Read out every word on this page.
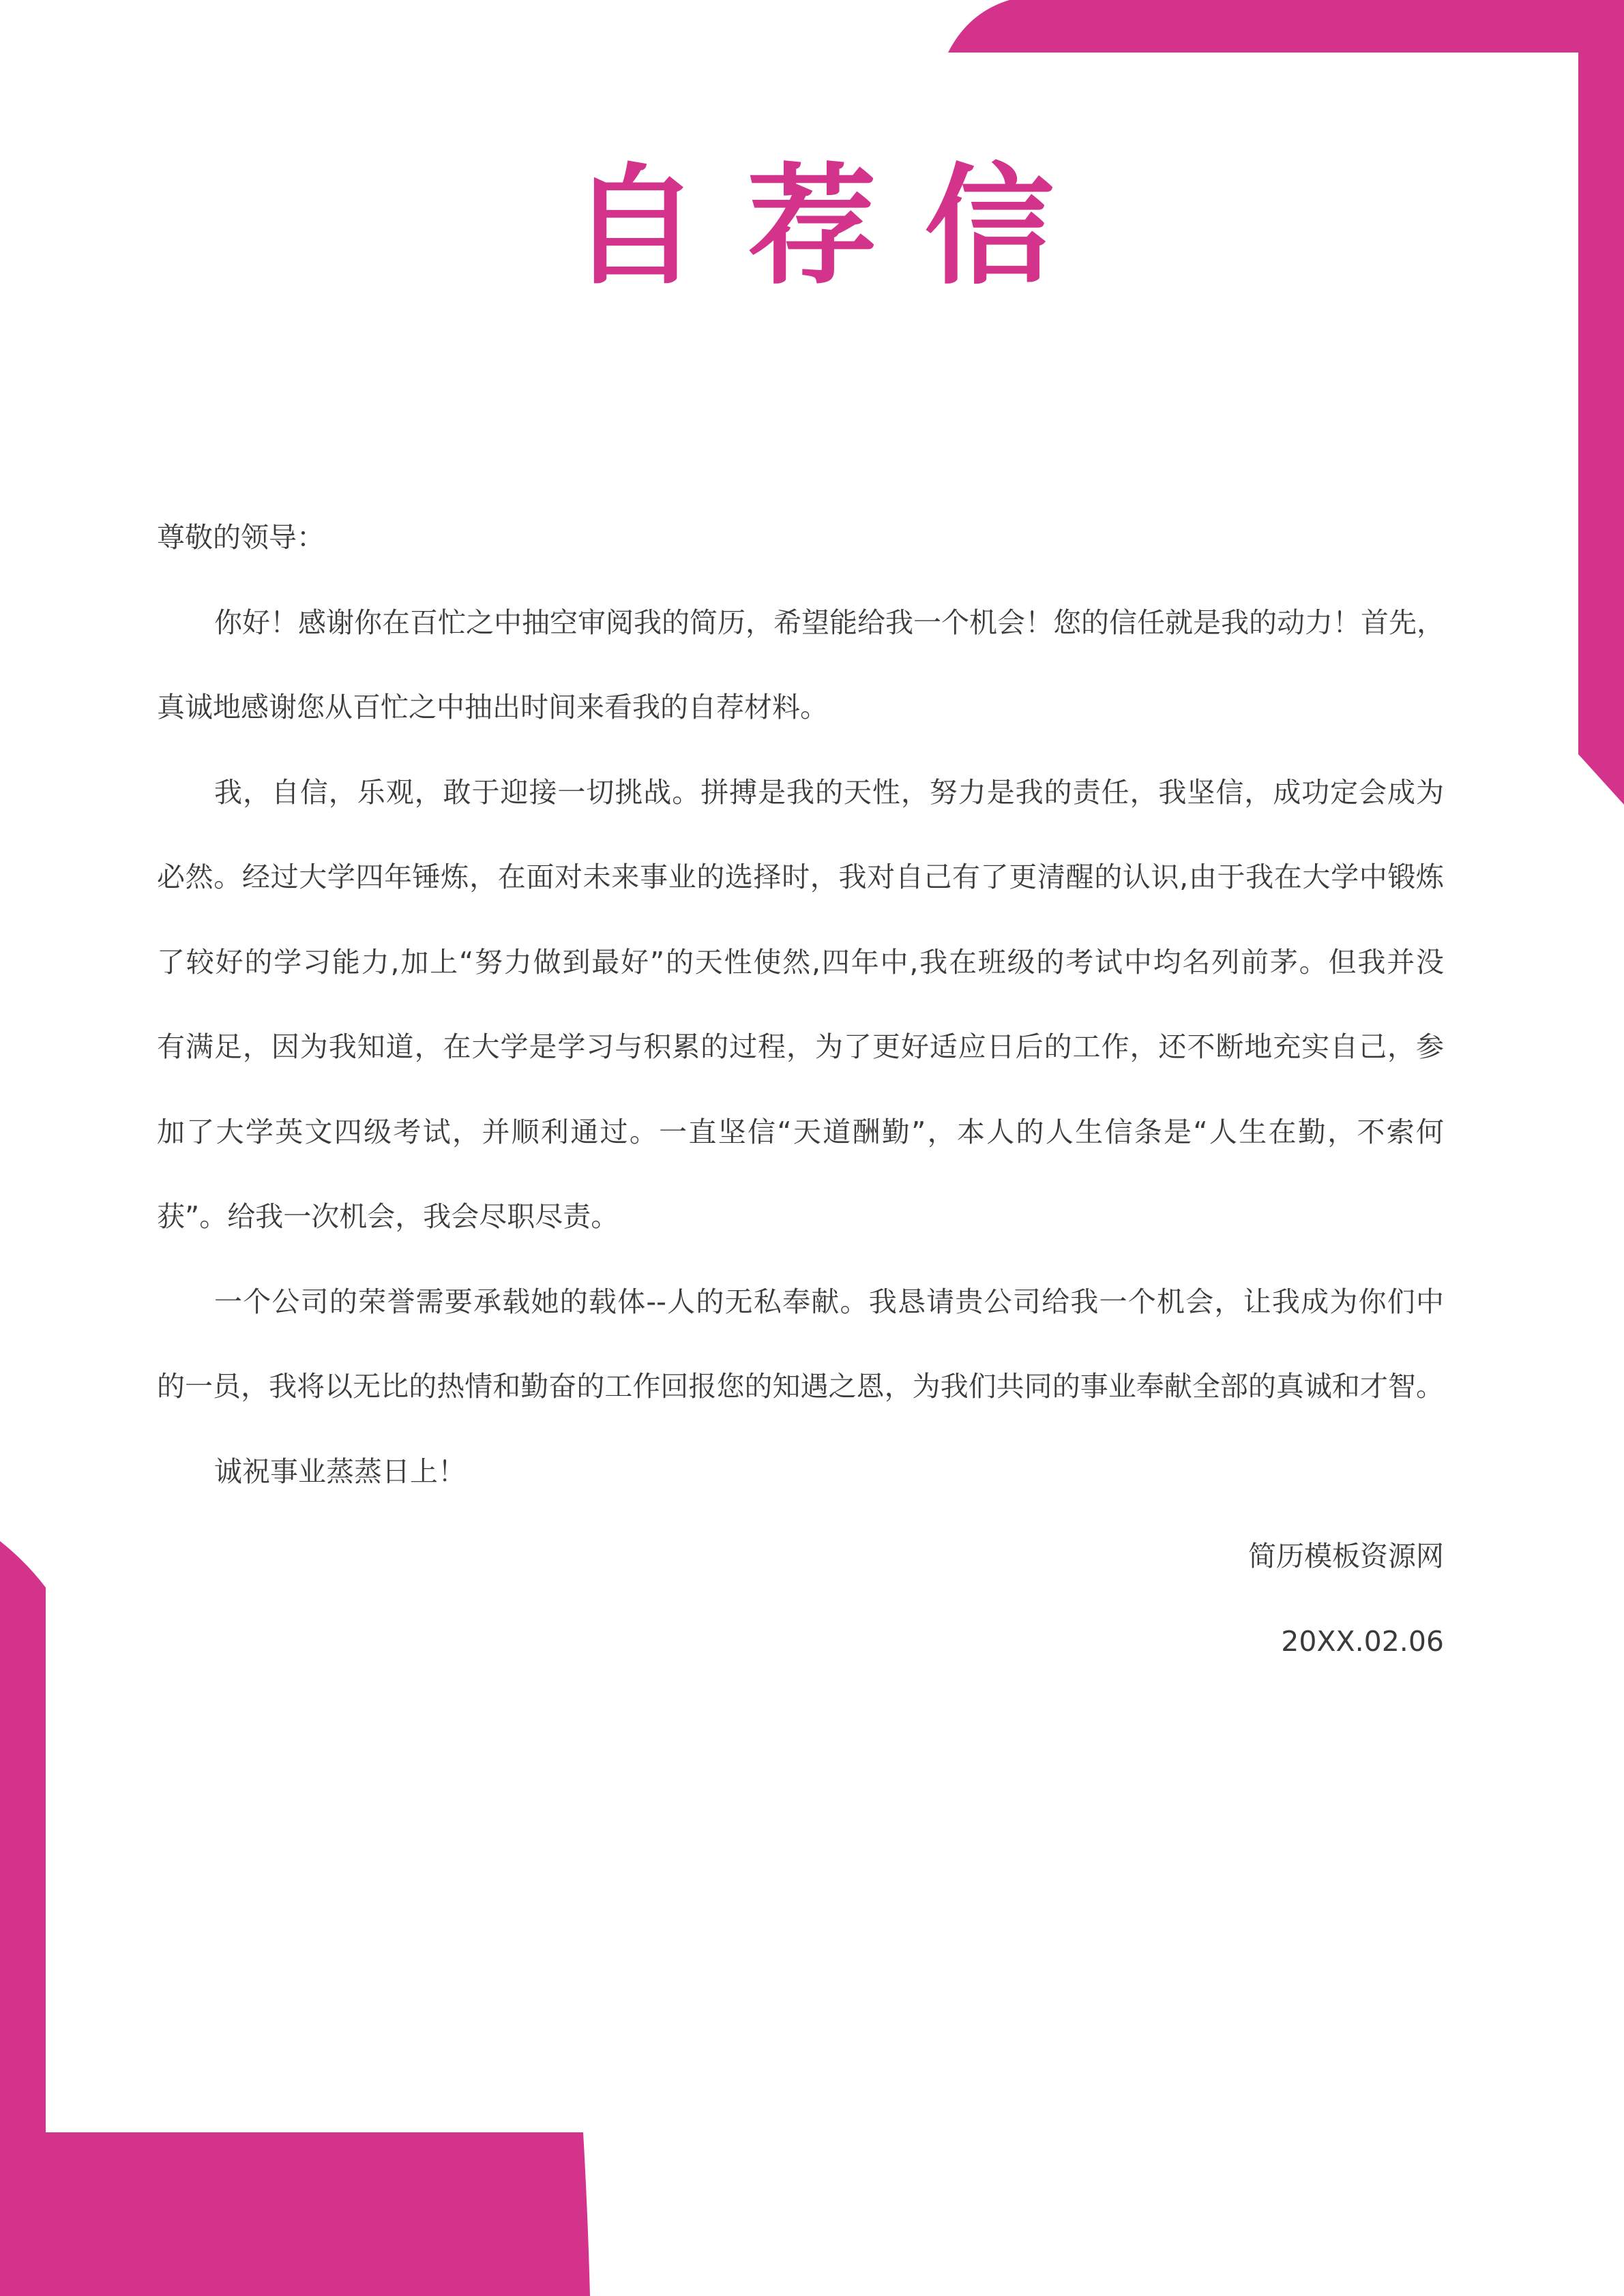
自荐信
尊敬的领导：
你好！感谢你在百忙之中抽空审阅我的简历，希望能给我一个机会！您的信任就是我的动力！首先，
真诚地感谢您从百忙之中抽出时间来看我的自荐材料。
我，自信，乐观，敢于迎接一切挑战。拼搏是我的天性，努力是我的责任，我坚信，成功定会成为
必然。经过大学四年锤炼，在面对未来事业的选择时，我对自己有了更清醒的认识,由于我在大学中锻炼
了较好的学习能力,加上“努力做到最好”的天性使然,四年中,我在班级的考试中均名列前茅。但我并没
有满足，因为我知道，在大学是学习与积累的过程，为了更好适应日后的工作，还不断地充实自己，参
加了大学英文四级考试，并顺利通过。一直坚信“天道酬勤”，本人的人生信条是“人生在勤，不索何
获”。给我一次机会，我会尽职尽责。
一个公司的荣誉需要承载她的载体--人的无私奉献。我恳请贵公司给我一个机会，让我成为你们中
的一员，我将以无比的热情和勤奋的工作回报您的知遇之恩，为我们共同的事业奉献全部的真诚和才智。
诚祝事业蒸蒸日上！
简历模板资源网
20XX.02.06
